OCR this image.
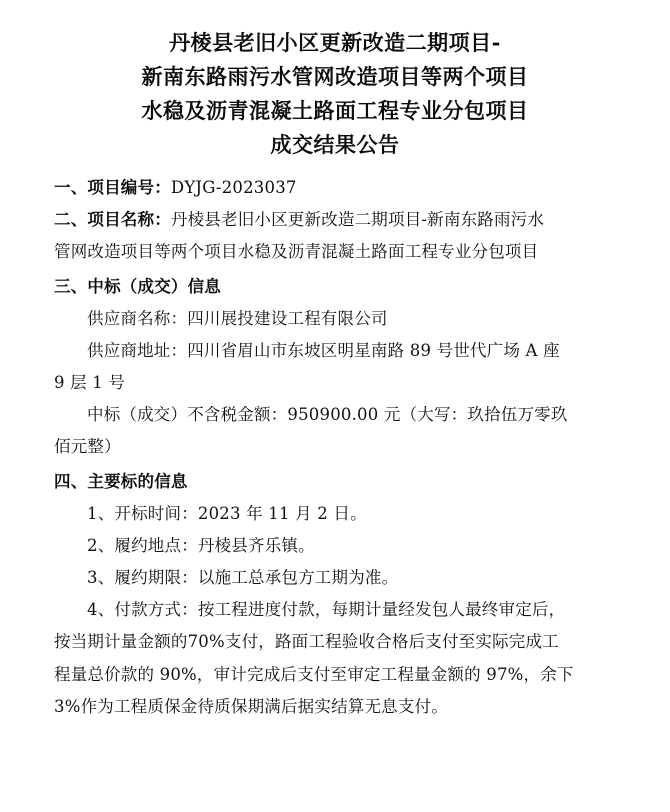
丹棱县老旧小区更新改造二期项目-
新南东路雨污水管网改造项目等两个项目
水稳及沥青混凝土路面工程专业分包项目
成交结果公告
一、项目编号：DYJG-2023037
二、项目名称：丹棱县老旧小区更新改造二期项目-新南东路雨污水
管网改造项目等两个项目水稳及沥青混凝土路面工程专业分包项目
三、中标（成交）信息
供应商名称：四川展投建设工程有限公司
供应商地址：四川省眉山市东坡区明星南路 89 号世代广场 A 座
9 层 1 号
中标（成交）不含税金额：950900.00 元（大写：玖拾伍万零玖
佰元整）
四、主要标的信息
1、开标时间：2023 年 11 月 2 日。
2、履约地点：丹棱县齐乐镇。
3、履约期限：以施工总承包方工期为准。
4、付款方式：按工程进度付款，每期计量经发包人最终审定后，
按当期计量金额的70%支付，路面工程验收合格后支付至实际完成工
程量总价款的 90%，审计完成后支付至审定工程量金额的 97%，余下
3%作为工程质保金待质保期满后据实结算无息支付。
